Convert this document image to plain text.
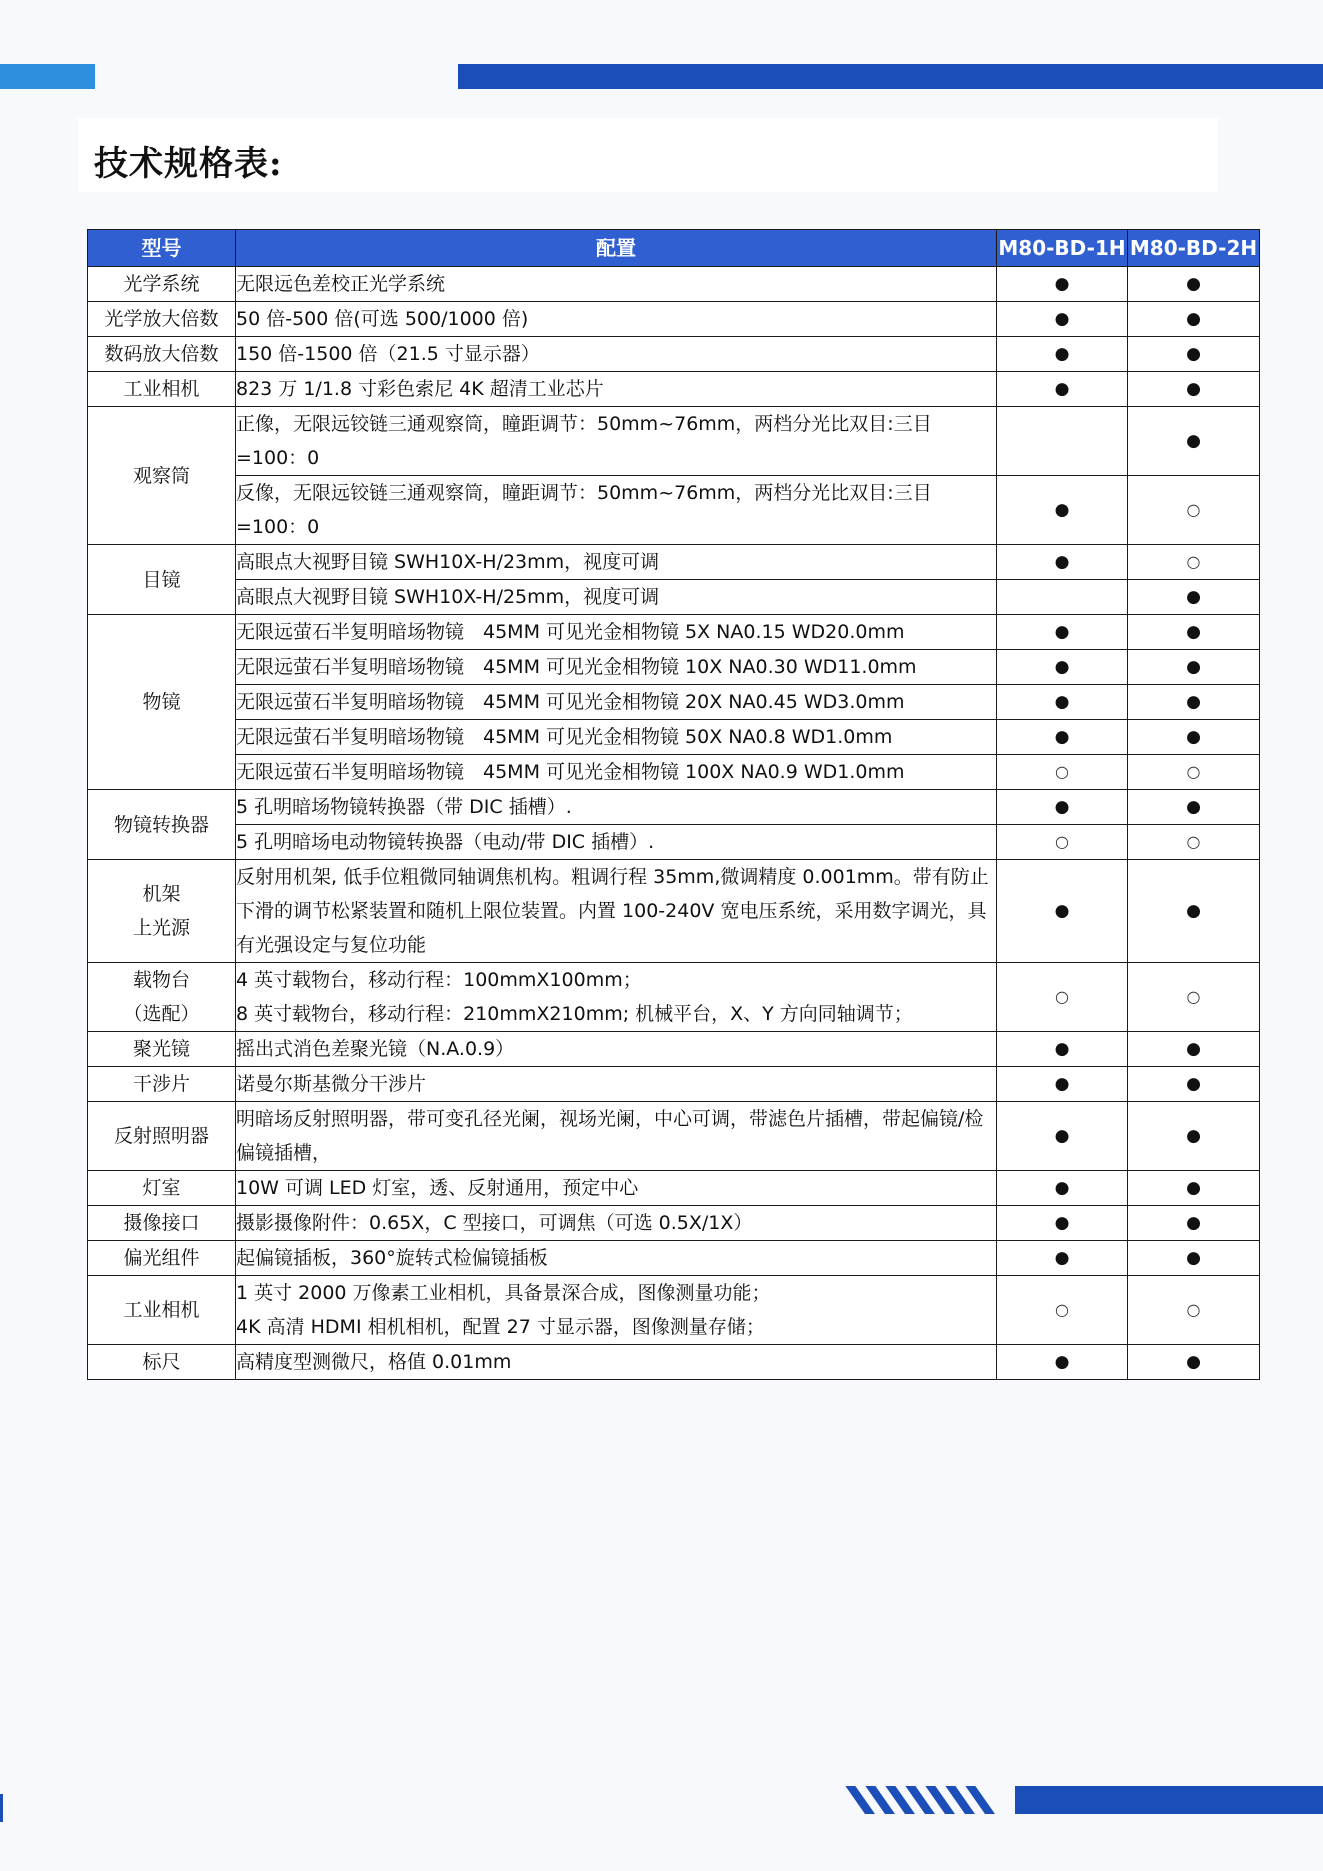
技术规格表:
型号	配置	M80-BD-1H	M80-BD-2H
光学系统	无限远色差校正光学系统	●	●
光学放大倍数	50 倍-500 倍(可选 500/1000 倍)	●	●
数码放大倍数	150 倍-1500 倍（21.5 寸显示器）	●	●
工业相机	823 万 1/1.8 寸彩色索尼 4K 超清工业芯片	●	●
观察筒	正像，无限远铰链三通观察筒，瞳距调节：50mm~76mm，两档分光比双目:三目=100：0		●
	反像，无限远铰链三通观察筒，瞳距调节：50mm~76mm，两档分光比双目:三目=100：0	●	○
目镜	高眼点大视野目镜 SWH10X-H/23mm，视度可调	●	○
	高眼点大视野目镜 SWH10X-H/25mm，视度可调		●
物镜	无限远萤石半复明暗场物镜　45MM 可见光金相物镜 5X NA0.15 WD20.0mm	●	●
	无限远萤石半复明暗场物镜　45MM 可见光金相物镜 10X NA0.30 WD11.0mm	●	●
	无限远萤石半复明暗场物镜　45MM 可见光金相物镜 20X NA0.45 WD3.0mm	●	●
	无限远萤石半复明暗场物镜　45MM 可见光金相物镜 50X NA0.8 WD1.0mm	●	●
	无限远萤石半复明暗场物镜　45MM 可见光金相物镜 100X NA0.9 WD1.0mm	○	○
物镜转换器	5 孔明暗场物镜转换器（带 DIC 插槽）.	●	●
	5 孔明暗场电动物镜转换器（电动/带 DIC 插槽）.	○	○
机架
上光源	反射用机架, 低手位粗微同轴调焦机构。粗调行程 35mm,微调精度 0.001mm。带有防止下滑的调节松紧装置和随机上限位装置。内置 100-240V 宽电压系统，采用数字调光，具有光强设定与复位功能	●	●
载物台
（选配）	4 英寸载物台，移动行程：100mmX100mm；
8 英寸载物台，移动行程：210mmX210mm; 机械平台，X、Y 方向同轴调节；	○	○
聚光镜	摇出式消色差聚光镜（N.A.0.9）	●	●
干涉片	诺曼尔斯基微分干涉片	●	●
反射照明器	明暗场反射照明器，带可变孔径光阑，视场光阑，中心可调，带滤色片插槽，带起偏镜/检偏镜插槽，	●	●
灯室	10W 可调 LED 灯室，透、反射通用，预定中心	●	●
摄像接口	摄影摄像附件：0.65X，C 型接口，可调焦（可选 0.5X/1X）	●	●
偏光组件	起偏镜插板，360°旋转式检偏镜插板	●	●
工业相机	1 英寸 2000 万像素工业相机，具备景深合成，图像测量功能；
4K 高清 HDMI 相机相机，配置 27 寸显示器，图像测量存储；	○	○
标尺	高精度型测微尺，格值 0.01mm	●	●
